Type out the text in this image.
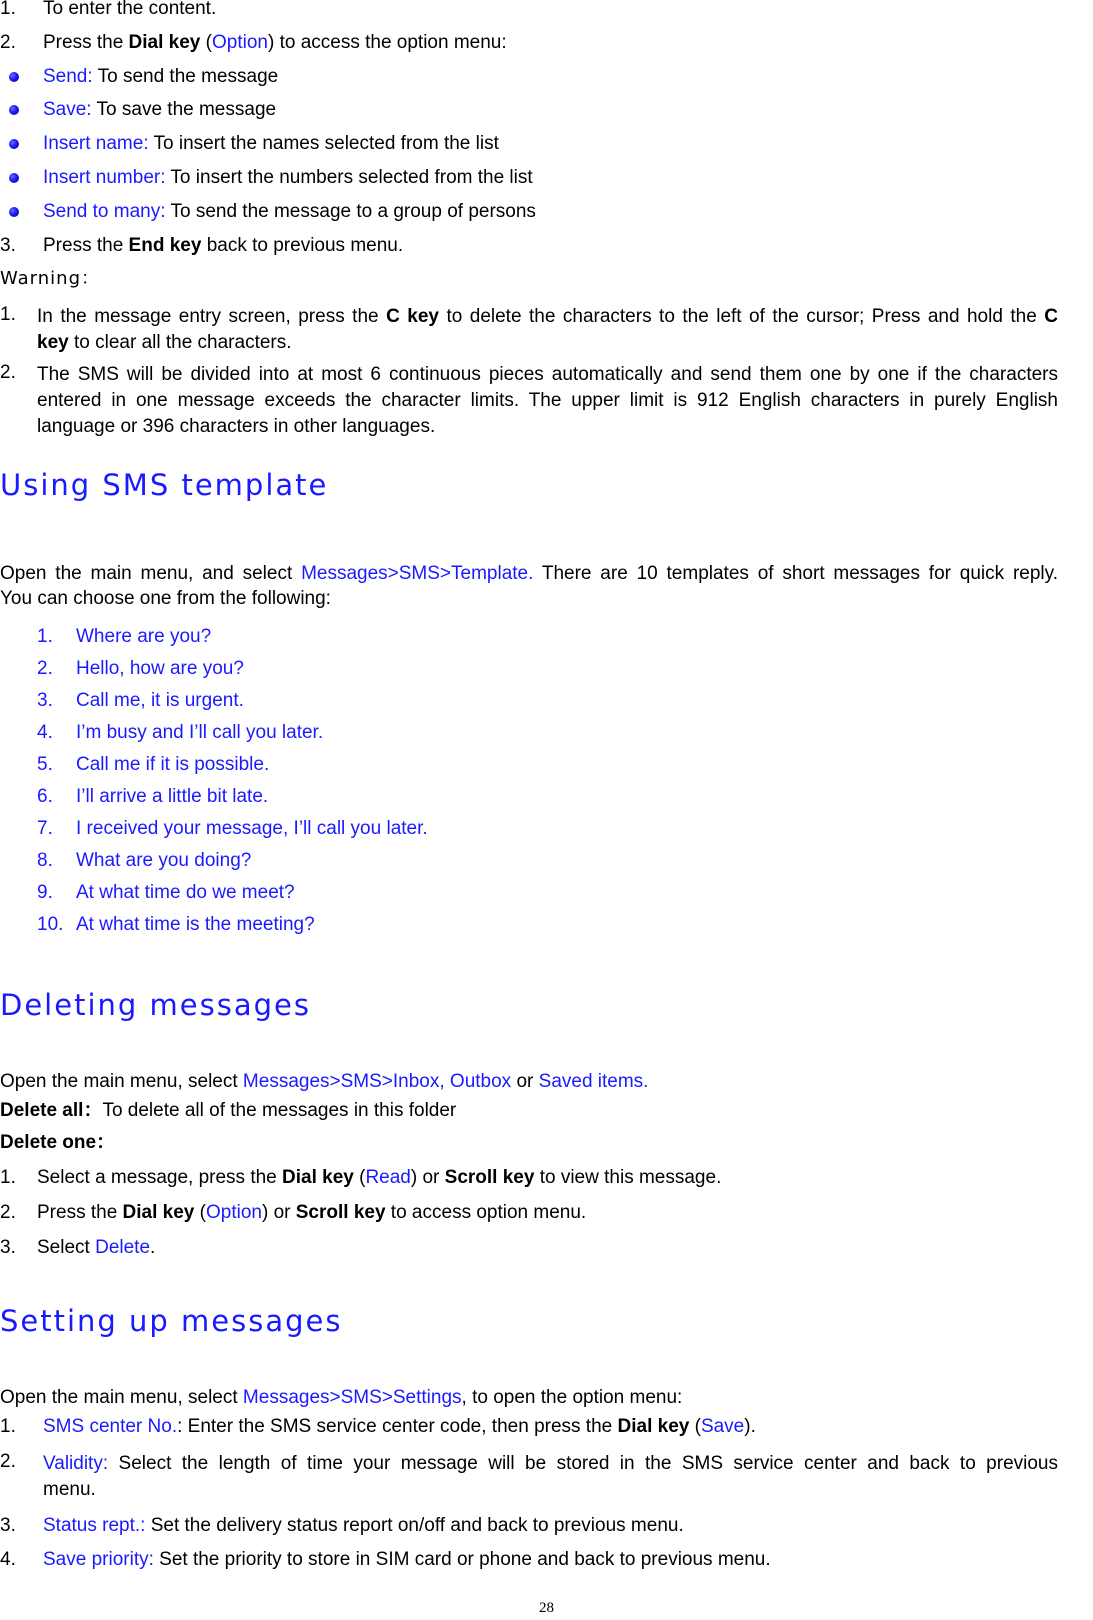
1. To enter the content.
2. Press the Dial key (Option) to access the option menu:
Send: To send the message
Save: To save the message
Insert name: To insert the names selected from the list
Insert number: To insert the numbers selected from the list
Send to many: To send the message to a group of persons
3. Press the End key back to previous menu.
Warning：
1. In the message entry screen, press the C key to delete the characters to the left of the cursor; Press and hold the C
key to clear all the characters.
2. The SMS will be divided into at most 6 continuous pieces automatically and send them one by one if the characters
entered in one message exceeds the character limits. The upper limit is 912 English characters in purely English
language or 396 characters in other languages.
Using SMS template
Open the main menu, and select Messages>SMS>Template. There are 10 templates of short messages for quick reply.
You can choose one from the following:
1. Where are you?
2. Hello, how are you?
3. Call me, it is urgent.
4. I’m busy and I’ll call you later.
5. Call me if it is possible.
6. I’ll arrive a little bit late.
7. I received your message, I’ll call you later.
8. What are you doing?
9. At what time do we meet?
10. At what time is the meeting?
Deleting messages
Open the main menu, select Messages>SMS>Inbox, Outbox or Saved items.
Delete all：To delete all of the messages in this folder
Delete one：
1. Select a message, press the Dial key (Read) or Scroll key to view this message.
2. Press the Dial key (Option) or Scroll key to access option menu.
3. Select Delete.
Setting up messages
Open the main menu, select Messages>SMS>Settings, to open the option menu:
1. SMS center No.: Enter the SMS service center code, then press the Dial key (Save).
2. Validity: Select the length of time your message will be stored in the SMS service center and back to previous
menu.
3. Status rept.: Set the delivery status report on/off and back to previous menu.
4. Save priority: Set the priority to store in SIM card or phone and back to previous menu.
28
